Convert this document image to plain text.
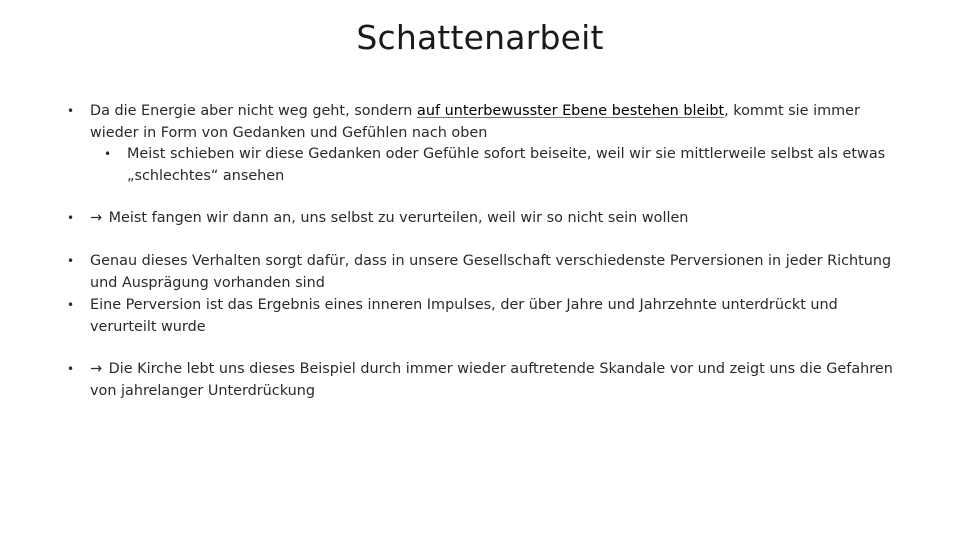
Schattenarbeit
• Da die Energie aber nicht weg geht, sondern auf unterbewusster Ebene bestehen bleibt, kommt sie immer wieder in Form von Gedanken und Gefühlen nach oben
• Meist schieben wir diese Gedanken oder Gefühle sofort beiseite, weil wir sie mittlerweile selbst als etwas „schlechtes“ ansehen
• → Meist fangen wir dann an, uns selbst zu verurteilen, weil wir so nicht sein wollen
• Genau dieses Verhalten sorgt dafür, dass in unsere Gesellschaft verschiedenste Perversionen in jeder Richtung und Ausprägung vorhanden sind
• Eine Perversion ist das Ergebnis eines inneren Impulses, der über Jahre und Jahrzehnte unterdrückt und verurteilt wurde
• → Die Kirche lebt uns dieses Beispiel durch immer wieder auftretende Skandale vor und zeigt uns die Gefahren von jahrelanger Unterdrückung
